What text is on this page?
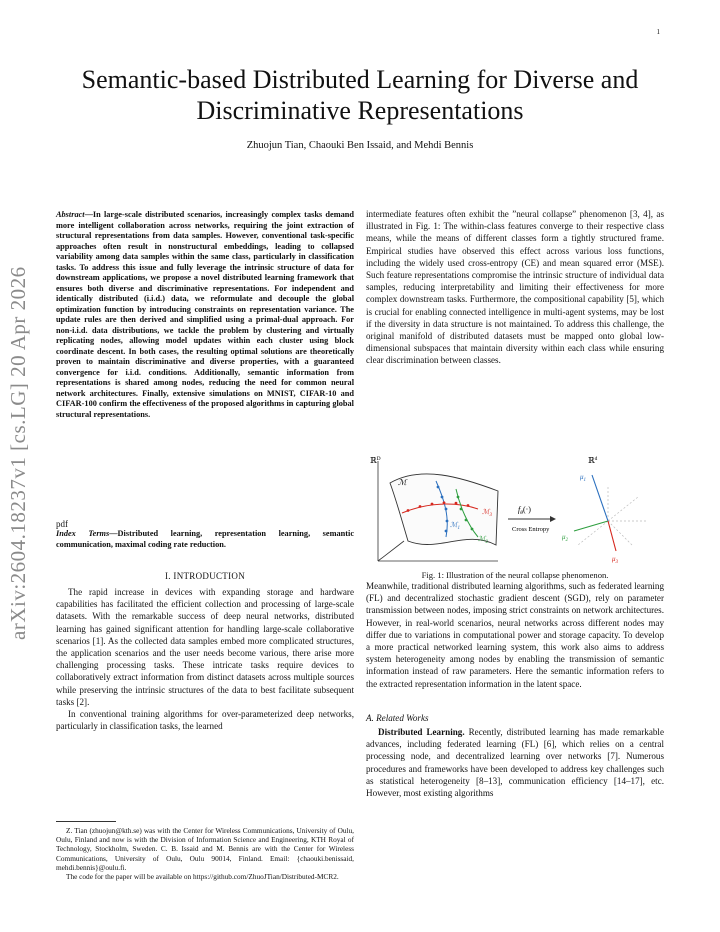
1
arXiv:2604.18237v1 [cs.LG] 20 Apr 2026
Semantic-based Distributed Learning for Diverse and Discriminative Representations
Zhuojun Tian, Chaouki Ben Issaid, and Mehdi Bennis
Abstract—In large-scale distributed scenarios, increasingly complex tasks demand more intelligent collaboration across networks, requiring the joint extraction of structural representations from data samples. However, conventional task-specific approaches often result in nonstructural embeddings, leading to collapsed variability among data samples within the same class, particularly in classification tasks. To address this issue and fully leverage the intrinsic structure of data for downstream applications, we propose a novel distributed learning framework that ensures both diverse and discriminative representations. For independent and identically distributed (i.i.d.) data, we reformulate and decouple the global optimization function by introducing constraints on representation variance. The update rules are then derived and simplified using a primal-dual approach. For non-i.i.d. data distributions, we tackle the problem by clustering and virtually replicating nodes, allowing model updates within each cluster using block coordinate descent. In both cases, the resulting optimal solutions are theoretically proven to maintain discriminative and diverse properties, with a guaranteed convergence for i.i.d. conditions. Additionally, semantic information from representations is shared among nodes, reducing the need for common neural network architectures. Finally, extensive simulations on MNIST, CIFAR-10 and CIFAR-100 confirm the effectiveness of the proposed algorithms in capturing global structural representations.
pdf
Index Terms—Distributed learning, representation learning, semantic communication, maximal coding rate reduction.
I. INTRODUCTION

The rapid increase in devices with expanding storage and hardware capabilities has facilitated the efficient collection and processing of large-scale datasets. With the remarkable success of deep neural networks, distributed learning has gained significant attention for handling large-scale collaborative scenarios [1]. As the collected data samples embed more complicated structures, the application scenarios and the user needs become various, there arise more challenging processing tasks. These intricate tasks require devices to collaboratively extract information from distinct datasets across multiple sources while preserving the intrinsic structures of the data to best facilitate subsequent tasks [2].

In conventional training algorithms for over-parameterized deep networks, particularly in classification tasks, the learned

Z. Tian (zhuojun@kth.se) was with the Center for Wireless Communications, University of Oulu, Oulu, Finland and now is with the Division of Information Science and Engineering, KTH Royal of Technology, Stockholm, Sweden. C. B. Issaid and M. Bennis are with the Center for Wireless Communications, University of Oulu, Oulu 90014, Finland. Email: {chaouki.benissaid, mehdi.bennis}@oulu.fi.

The code for the paper will be available on https://github.com/ZhuoJTian/Distributed-MCR2.

intermediate features often exhibit the ”neural collapse” phenomenon [3, 4], as illustrated in Fig. 1: The within-class features converge to their respective class means, while the means of different classes form a tightly structured frame. Empirical studies have observed this effect across various loss functions, including the widely used cross-entropy (CE) and mean squared error (MSE). Such feature representations compromise the intrinsic structure of individual data samples, reducing interpretability and limiting their effectiveness for more complex downstream tasks. Furthermore, the compositional capability [5], which is crucial for enabling connected intelligence in multi-agent systems, may be lost if the diversity in data structure is not maintained. To address this challenge, the original manifold of distributed datasets must be mapped onto global low-dimensional subspaces that maintain diversity within each class while ensuring clear discrimination between classes.
ℝ$^D$
ℳ
ℳ$_3$
ℳ$_1$
ℳ$_2$
$f_\theta(\cdot)$
Cross Entropy
ℝ$^d$
$\mu_1$
$\mu_2$
$\mu_3$
Fig. 1: Illustration of the neural collapse phenomenon.
Meanwhile, traditional distributed learning algorithms, such as federated learning (FL) and decentralized stochastic gradient descent (SGD), rely on parameter transmission between nodes, imposing strict constraints on network architectures. However, in real-world scenarios, neural networks across different nodes may differ due to variations in computational power and storage capacity. To develop a more practical networked learning system, this work also aims to address system heterogeneity among nodes by enabling the transmission of semantic information instead of raw parameters. Here the semantic information refers to the extracted representation information in the latent space.
A. Related Works

Distributed Learning. Recently, distributed learning has made remarkable advances, including federated learning (FL) [6], which relies on a central processing node, and decentralized learning over networks [7]. Numerous procedures and frameworks have been developed to address key challenges such as statistical heterogeneity [8–13], communication efficiency [14–17], etc. However, most existing algorithms
